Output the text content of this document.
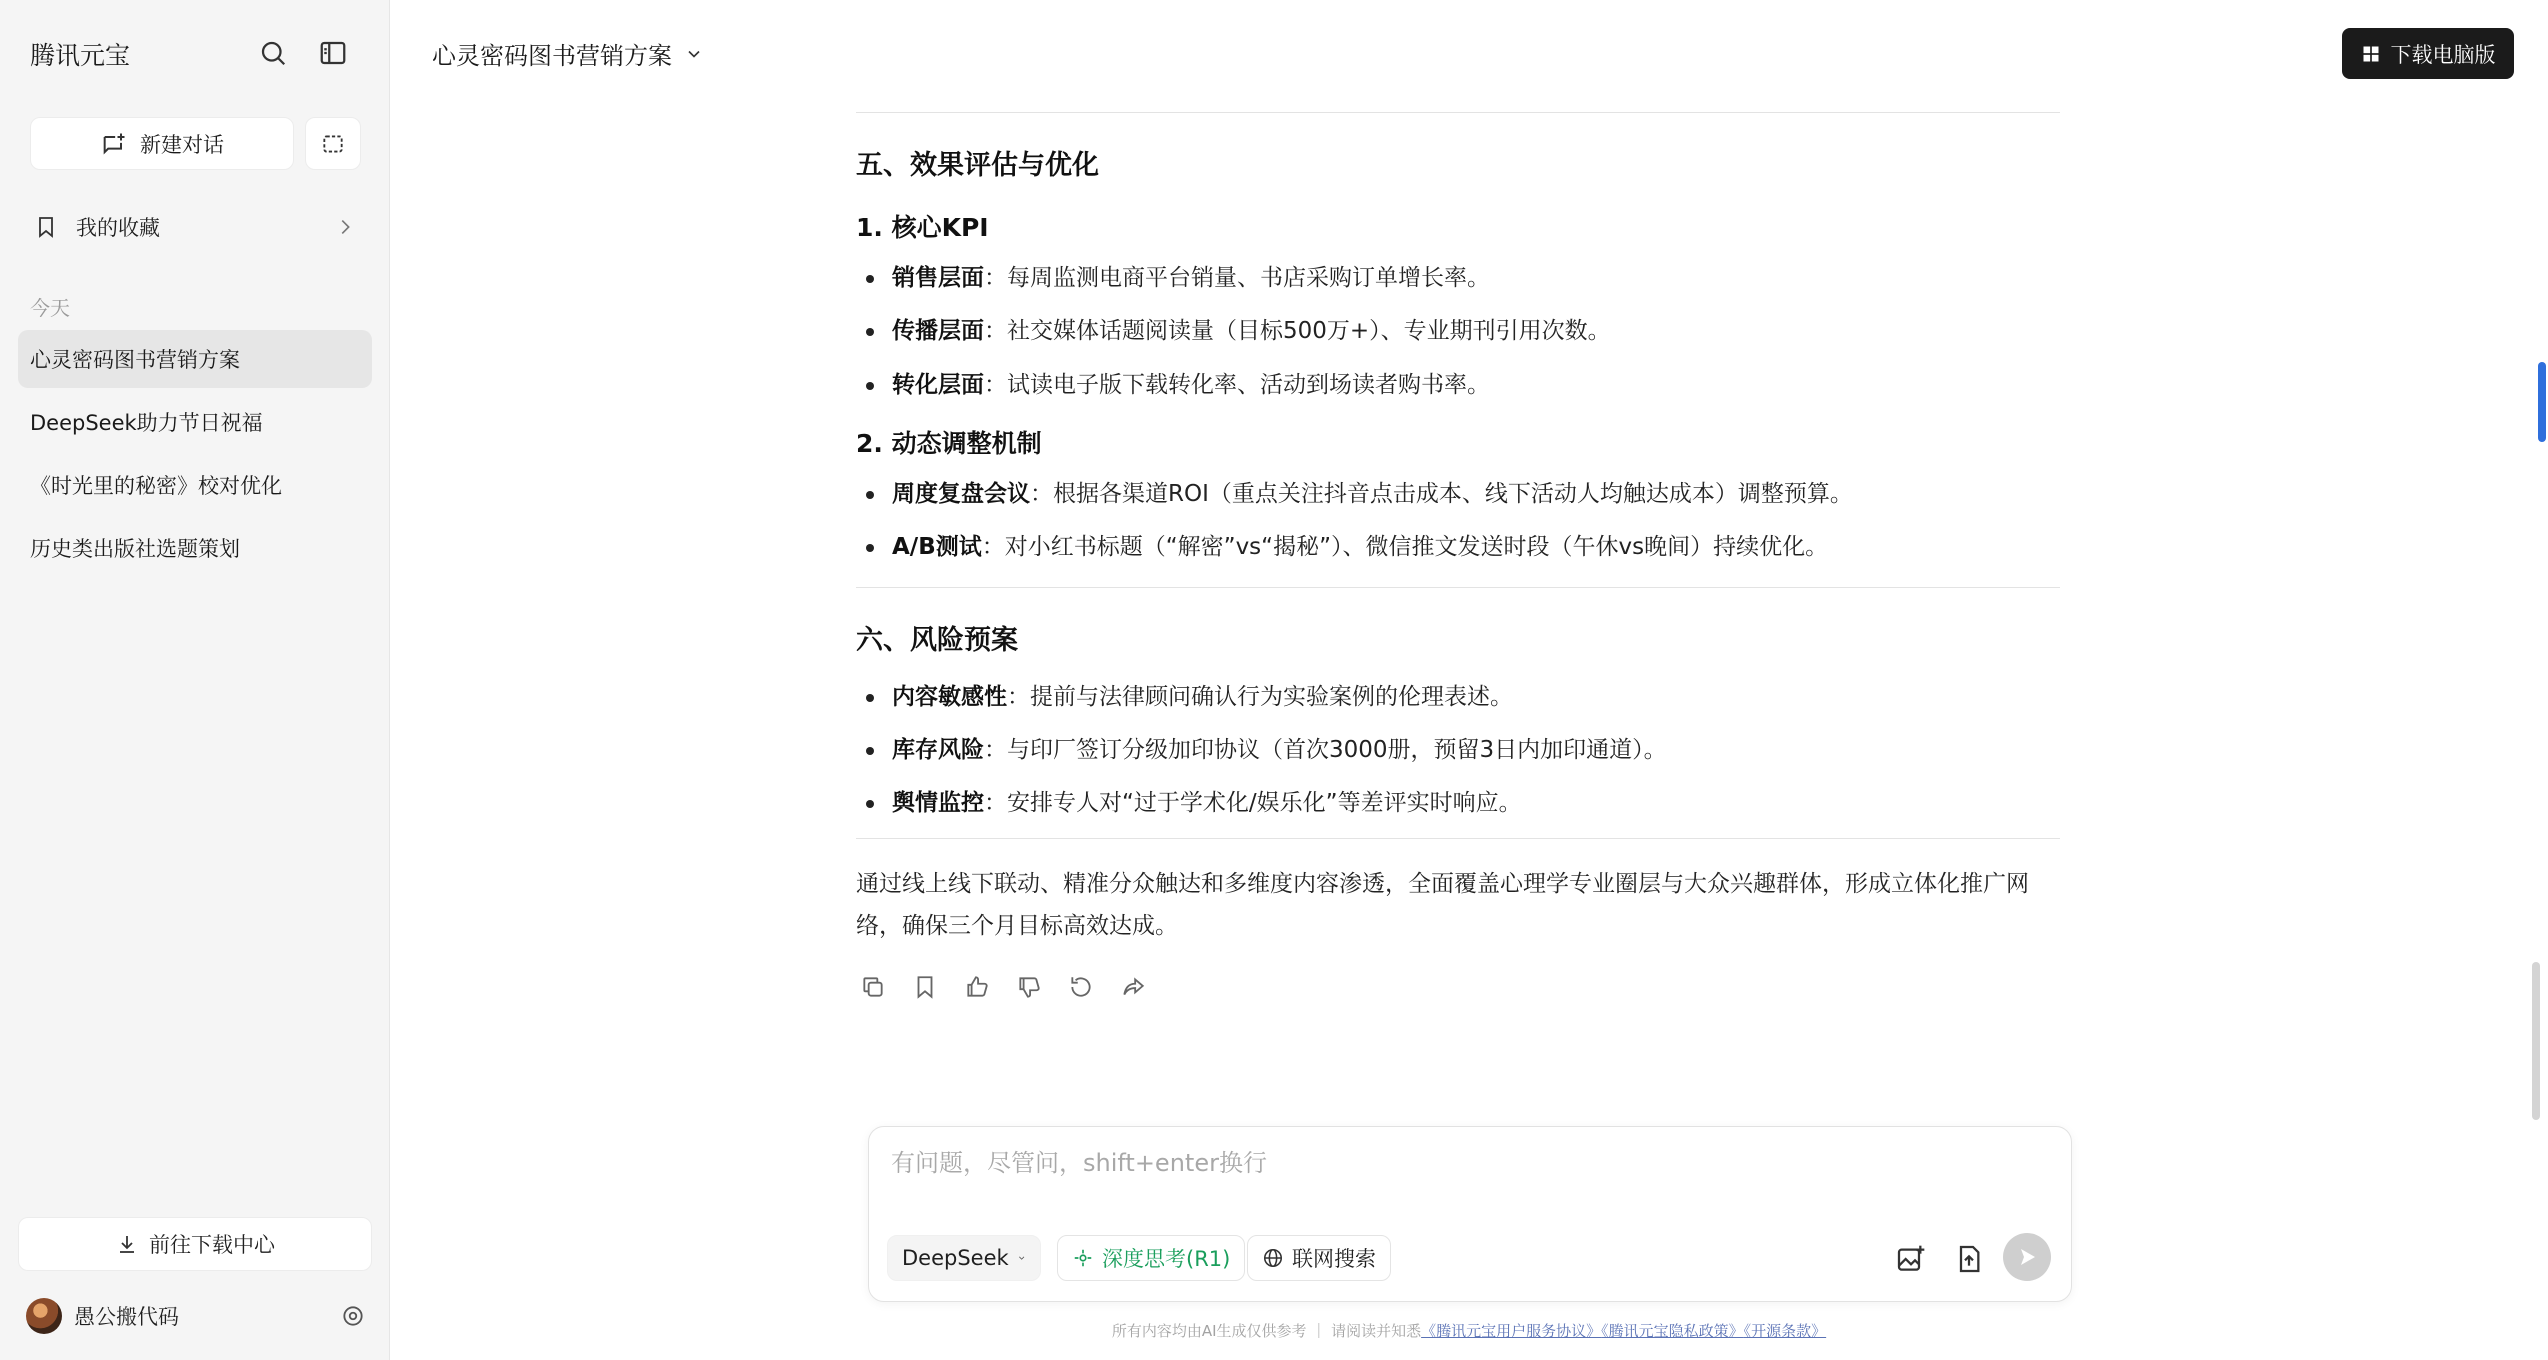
腾讯元宝
新建对话
我的收藏
今天
心灵密码图书营销方案
DeepSeek助力节日祝福
《时光里的秘密》校对优化
历史类出版社选题策划
前往下载中心
愚公搬代码
心灵密码图书营销方案	下载电脑版
五、效果评估与优化
1. 核心KPI
销售层面：每周监测电商平台销量、书店采购订单增长率。
传播层面：社交媒体话题阅读量（目标500万+）、专业期刊引用次数。
转化层面：试读电子版下载转化率、活动到场读者购书率。
2. 动态调整机制
周度复盘会议：根据各渠道ROI（重点关注抖音点击成本、线下活动人均触达成本）调整预算。
A/B测试：对小红书标题（“解密”vs“揭秘”）、微信推文发送时段（午休vs晚间）持续优化。
六、风险预案
内容敏感性：提前与法律顾问确认行为实验案例的伦理表述。
库存风险：与印厂签订分级加印协议（首次3000册，预留3日内加印通道）。
舆情监控：安排专人对“过于学术化/娱乐化”等差评实时响应。

通过线上线下联动、精准分众触达和多维度内容渗透，全面覆盖心理学专业圈层与大众兴趣群体，形成立体化推广网络，确保三个月目标高效达成。

有问题，尽管问，shift+enter换行
DeepSeek	深度思考(R1)	联网搜索
所有内容均由AI生成仅供参考 ｜ 请阅读并知悉《腾讯元宝用户服务协议》《腾讯元宝隐私政策》《开源条款》
